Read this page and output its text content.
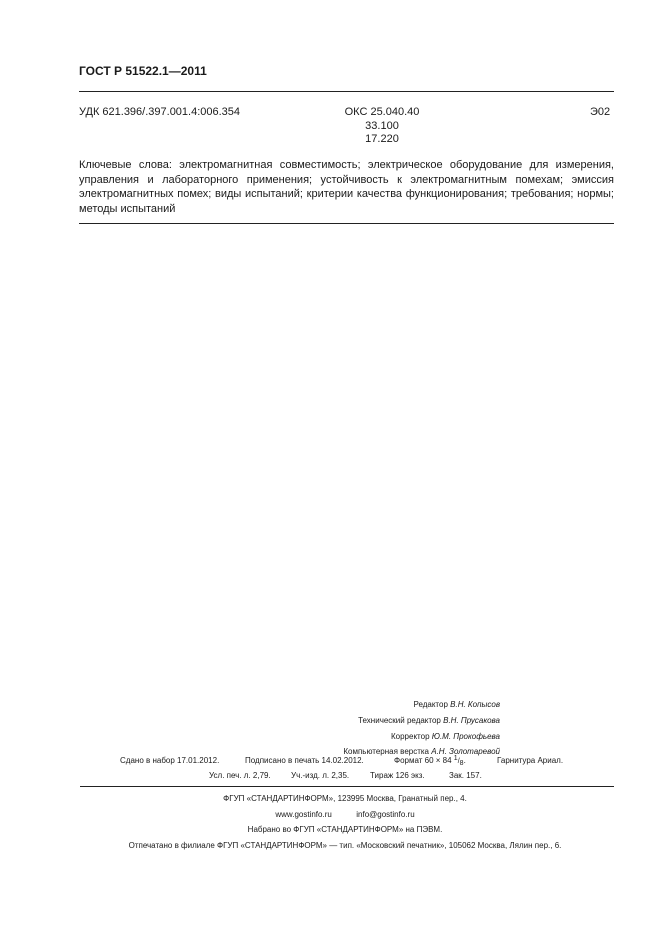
ГОСТ Р 51522.1—2011
УДК 621.396/.397.001.4:006.354	ОКС 25.040.40
33.100
17.220
Э02
Ключевые слова: электромагнитная совместимость; электрическое оборудование для измерения, управления и лабораторного применения; устойчивость к электромагнитным помехам; эмиссия электромагнитных помех; виды испытаний; критерии качества функционирования; требования; нормы; методы испытаний
Редактор В.Н. Копысов
Технический редактор В.Н. Прусакова
Корректор Ю.М. Прокофьева
Компьютерная верстка А.Н. Золотаревой
Сдано в набор 17.01.2012.	Подписано в печать 14.02.2012.	Формат 60 × 84 1/8.	Гарнитура Ариал.
Усл. печ. л. 2,79.	Уч.-изд. л. 2,35.	Тираж 126 экз.	Зак. 157.
ФГУП «СТАНДАРТИНФОРМ», 123995 Москва, Гранатный пер., 4.
www.gostinfo.ru	info@gostinfo.ru
Набрано во ФГУП «СТАНДАРТИНФОРМ» на ПЭВМ.
Отпечатано в филиале ФГУП «СТАНДАРТИНФОРМ» — тип. «Московский печатник», 105062 Москва, Лялин пер., 6.
